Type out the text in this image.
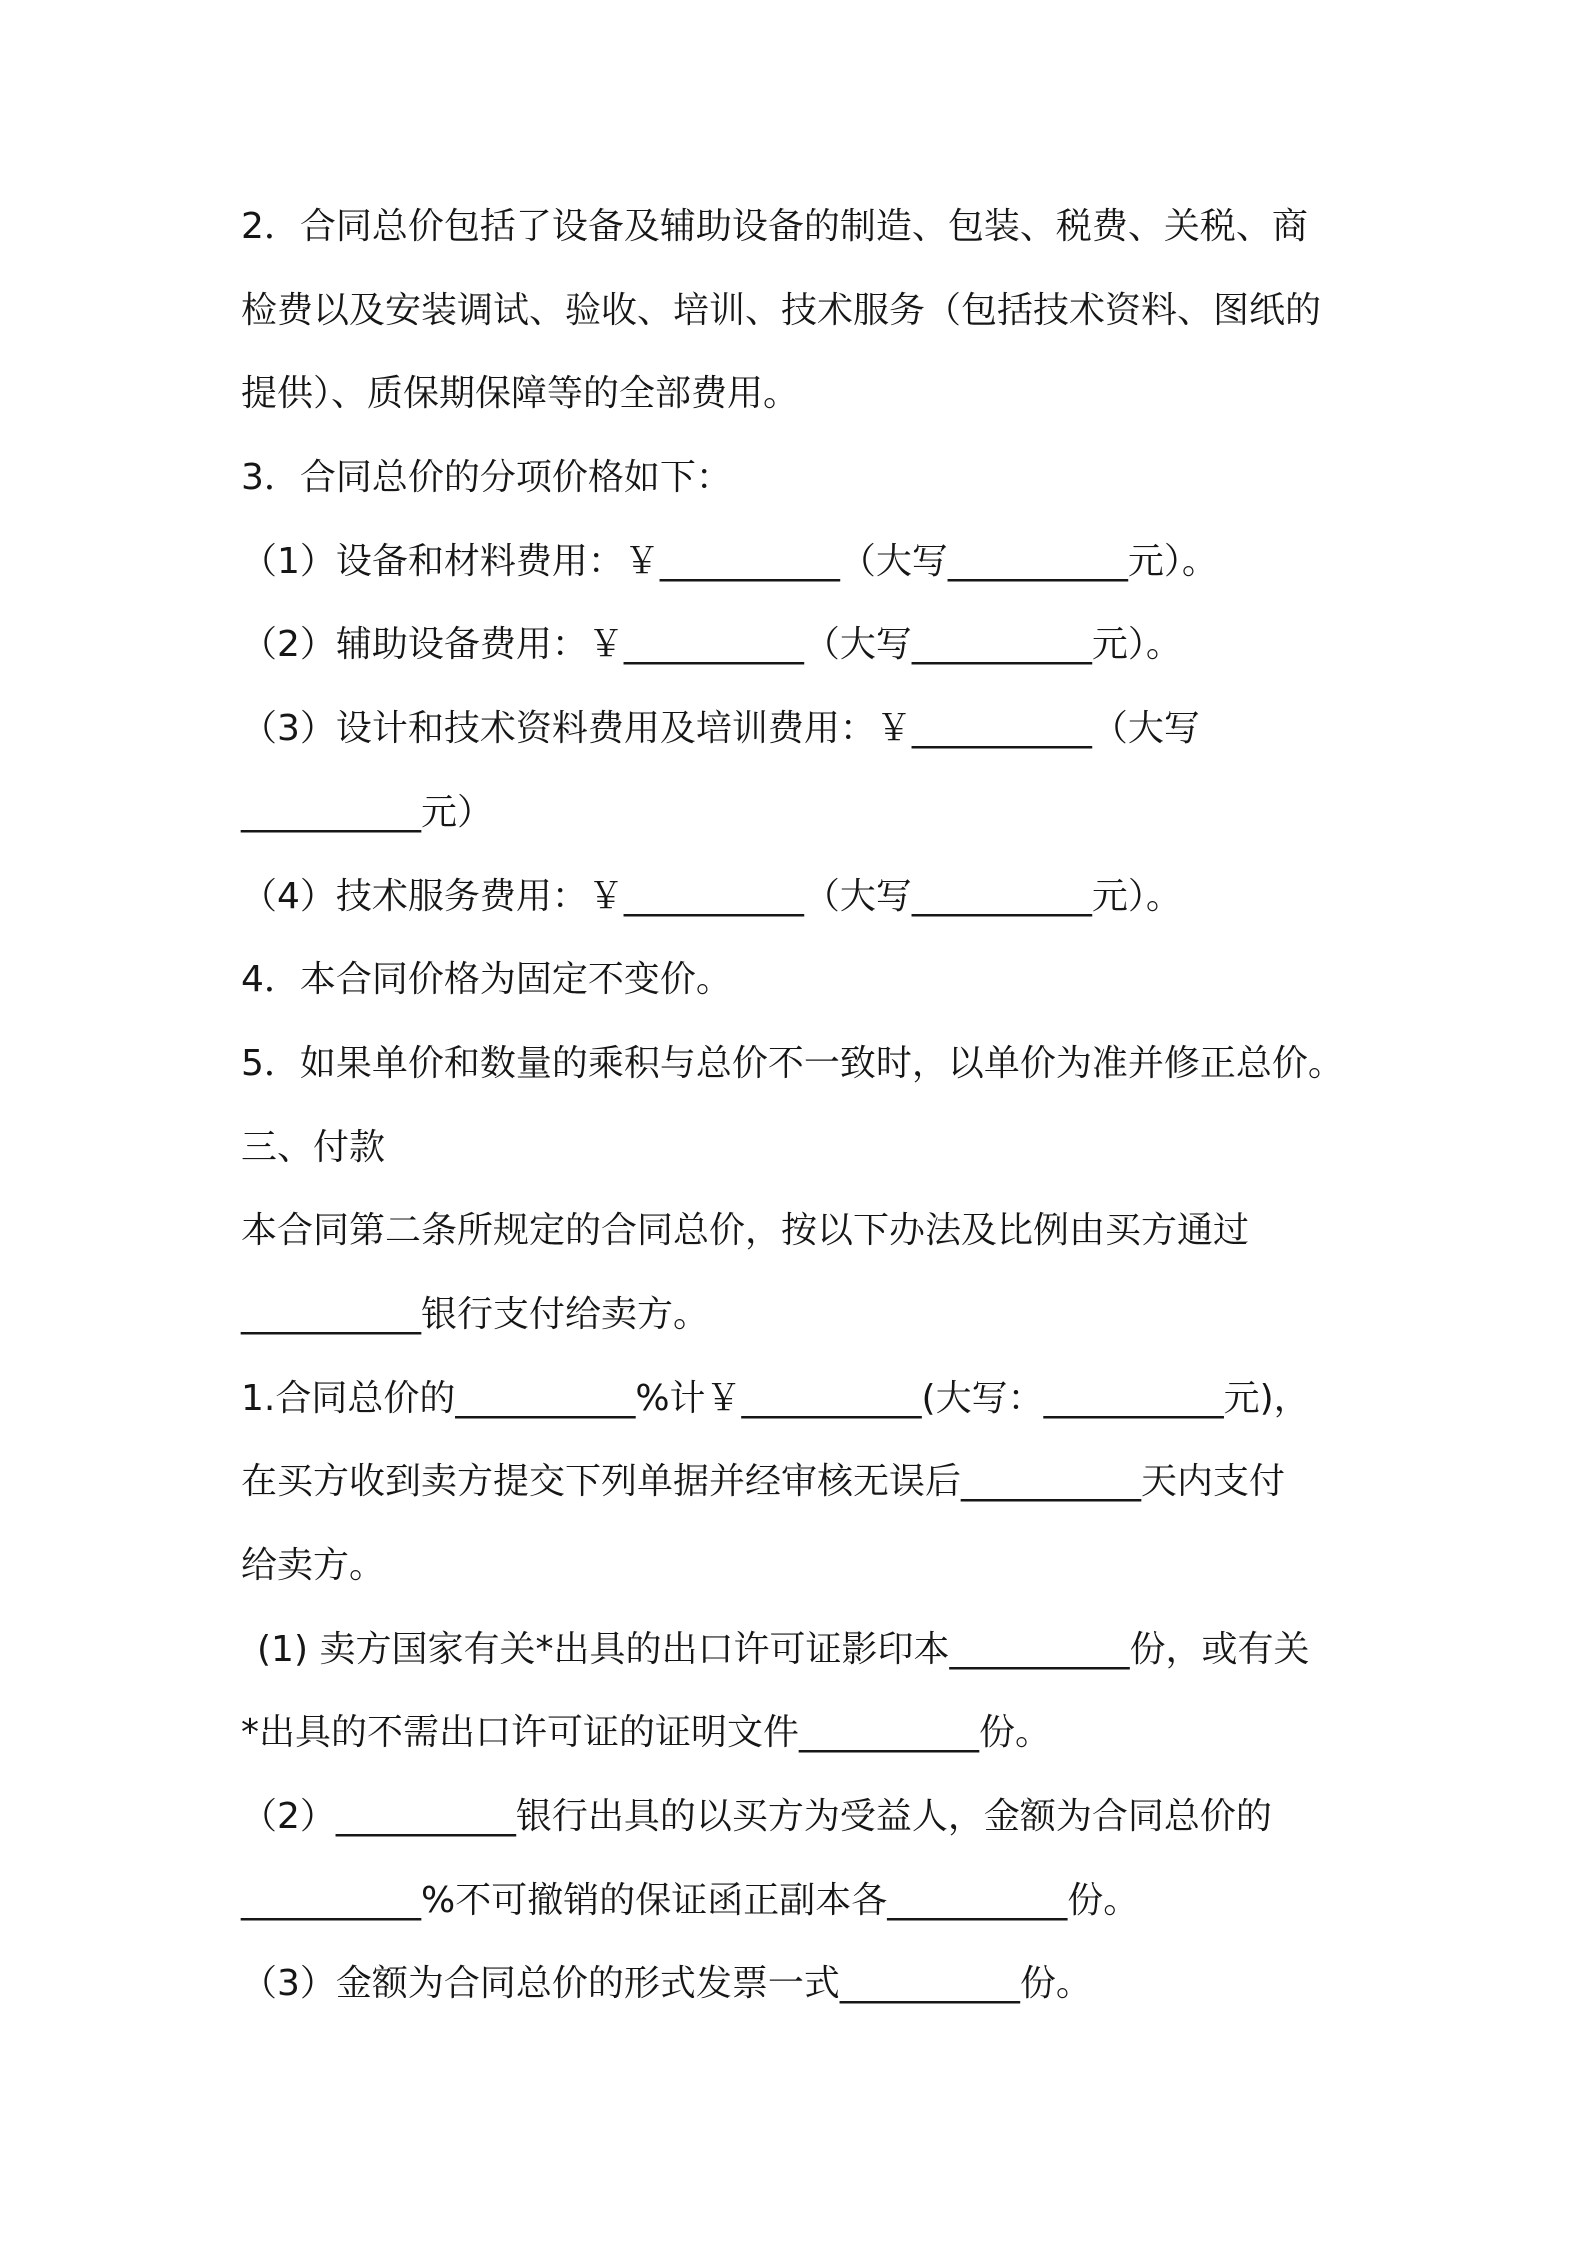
2．合同总价包括了设备及辅助设备的制造、包装、税费、关税、商
检费以及安装调试、验收、培训、技术服务（包括技术资料、图纸的
提供）、质保期保障等的全部费用。
3．合同总价的分项价格如下：
（1）设备和材料费用：￥__________（大写__________元）。
（2）辅助设备费用：￥__________（大写__________元）。
（3）设计和技术资料费用及培训费用：￥__________（大写
__________元）
（4）技术服务费用：￥__________（大写__________元）。
4．本合同价格为固定不变价。
5．如果单价和数量的乘积与总价不一致时，以单价为准并修正总价。
三、付款
本合同第二条所规定的合同总价，按以下办法及比例由买方通过
__________银行支付给卖方。
1.合同总价的__________%计￥__________(大写：__________元)，
在买方收到卖方提交下列单据并经审核无误后__________天内支付
给卖方。
(1) 卖方国家有关*出具的出口许可证影印本__________份，或有关
*出具的不需出口许可证的证明文件__________份。
（2）__________银行出具的以买方为受益人，金额为合同总价的
__________%不可撤销的保证函正副本各__________份。
（3）金额为合同总价的形式发票一式__________份。
